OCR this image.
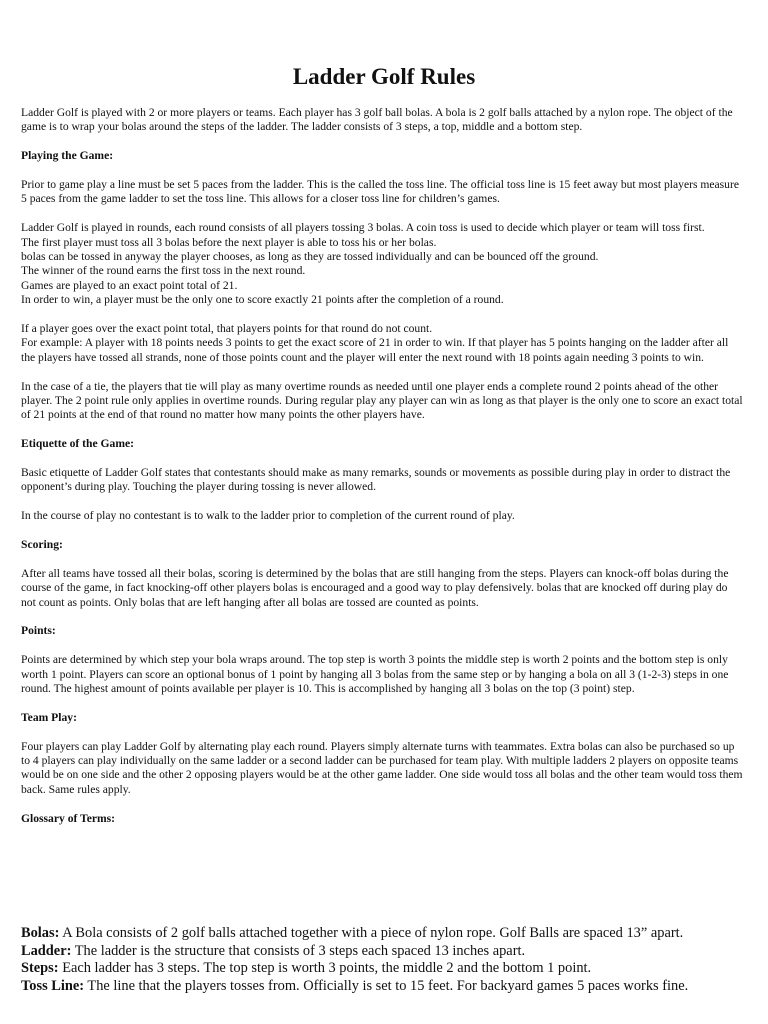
Ladder Golf Rules

Ladder Golf is played with 2 or more players or teams. Each player has 3 golf ball bolas. A bola is 2 golf balls attached by a nylon rope. The object of the game is to wrap your bolas around the steps of the ladder. The ladder consists of 3 steps, a top, middle and a bottom step.

Playing the Game:

Prior to game play a line must be set 5 paces from the ladder. This is the called the toss line. The official toss line is 15 feet away but most players measure 5 paces from the game ladder to set the toss line. This allows for a closer toss line for children’s games.

Ladder Golf is played in rounds, each round consists of all players tossing 3 bolas. A coin toss is used to decide which player or team will toss first.
The first player must toss all 3 bolas before the next player is able to toss his or her bolas.
bolas can be tossed in anyway the player chooses, as long as they are tossed individually and can be bounced off the ground.
The winner of the round earns the first toss in the next round.
Games are played to an exact point total of 21.
In order to win, a player must be the only one to score exactly 21 points after the completion of a round.

If a player goes over the exact point total, that players points for that round do not count.
For example: A player with 18 points needs 3 points to get the exact score of 21 in order to win. If that player has 5 points hanging on the ladder after all the players have tossed all strands, none of those points count and the player will enter the next round with 18 points again needing 3 points to win.

In the case of a tie, the players that tie will play as many overtime rounds as needed until one player ends a complete round 2 points ahead of the other player. The 2 point rule only applies in overtime rounds. During regular play any player can win as long as that player is the only one to score an exact total of 21 points at the end of that round no matter how many points the other players have.

Etiquette of the Game:

Basic etiquette of Ladder Golf states that contestants should make as many remarks, sounds or movements as possible during play in order to distract the opponent’s during play. Touching the player during tossing is never allowed.

In the course of play no contestant is to walk to the ladder prior to completion of the current round of play.

Scoring:

After all teams have tossed all their bolas, scoring is determined by the bolas that are still hanging from the steps. Players can knock-off bolas during the course of the game, in fact knocking-off other players bolas is encouraged and a good way to play defensively. bolas that are knocked off during play do not count as points. Only bolas that are left hanging after all bolas are tossed are counted as points.

Points:

Points are determined by which step your bola wraps around. The top step is worth 3 points the middle step is worth 2 points and the bottom step is only worth 1 point. Players can score an optional bonus of 1 point by hanging all 3 bolas from the same step or by hanging a bola on all 3 (1-2-3) steps in one round. The highest amount of points available per player is 10. This is accomplished by hanging all 3 bolas on the top (3 point) step.

Team Play:

Four players can play Ladder Golf by alternating play each round. Players simply alternate turns with teammates. Extra bolas can also be purchased so up to 4 players can play individually on the same ladder or a second ladder can be purchased for team play. With multiple ladders 2 players on opposite teams would be on one side and the other 2 opposing players would be at the other game ladder. One side would toss all bolas and the other team would toss them back. Same rules apply.

Glossary of Terms:

Bolas: A Bola consists of 2 golf balls attached together with a piece of nylon rope. Golf Balls are spaced 13” apart.
Ladder: The ladder is the structure that consists of 3 steps each spaced 13 inches apart.
Steps: Each ladder has 3 steps. The top step is worth 3 points, the middle 2 and the bottom 1 point.
Toss Line: The line that the players tosses from. Officially is set to 15 feet. For backyard games 5 paces works fine.
